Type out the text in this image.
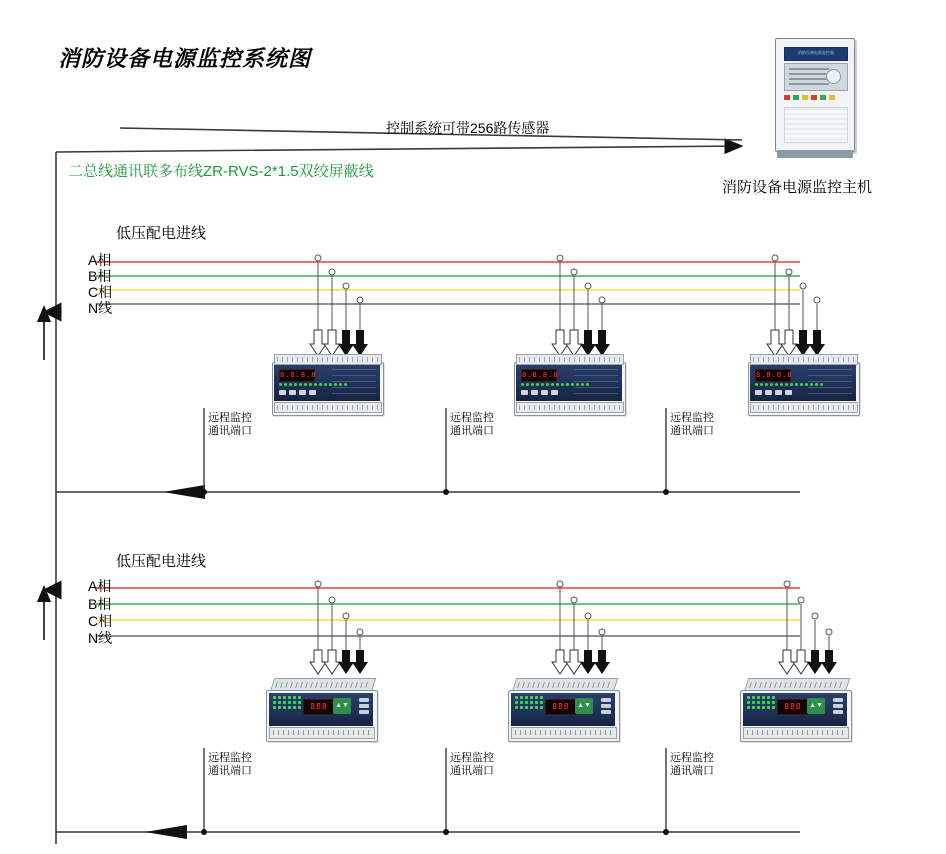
消防设备电源监控系统图
控制系统可带256路传感器
二总线通讯联多布线ZR-RVS-2*1.5双绞屏蔽线
消防设备电源监控主机
消防设备电源监控器
低压配电进线
A相
B相
C相
N线
8.8.8.8	8.8.8.8	8.8.8.8
远程监控
通讯端口
远程监控
通讯端口
远程监控
通讯端口
低压配电进线
A相
B相
C相
N线
888	▲▼	888	▲▼	888	▲▼
远程监控
通讯端口
远程监控
通讯端口
远程监控
通讯端口
